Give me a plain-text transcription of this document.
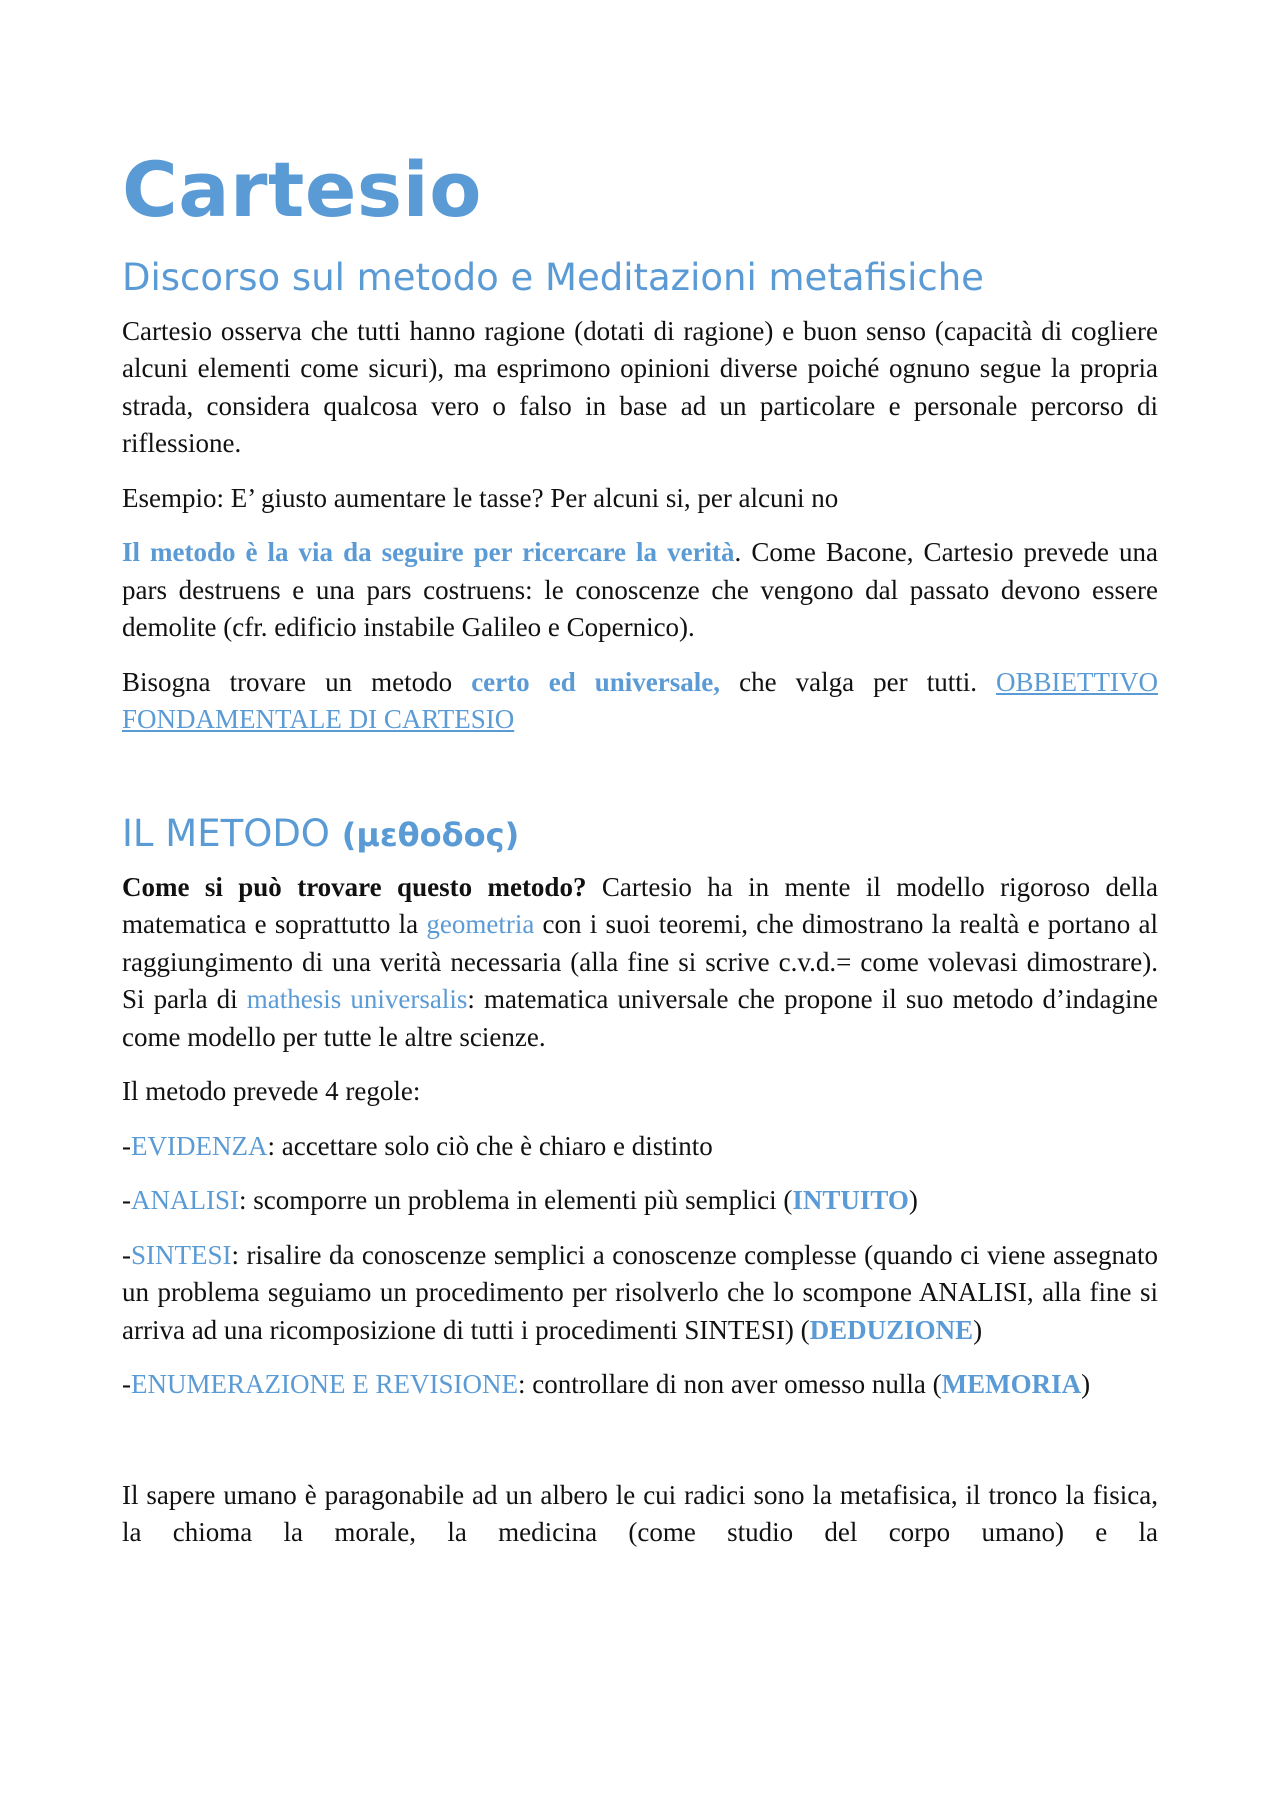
Cartesio
Discorso sul metodo e Meditazioni metafisiche

Cartesio osserva che tutti hanno ragione (dotati di ragione) e buon senso (capacità di cogliere alcuni elementi come sicuri), ma esprimono opinioni diverse poiché ognuno segue la propria strada, considera qualcosa vero o falso in base ad un particolare e personale percorso di riflessione.

Esempio: E’ giusto aumentare le tasse? Per alcuni si, per alcuni no

Il metodo è la via da seguire per ricercare la verità. Come Bacone, Cartesio prevede una pars destruens e una pars costruens: le conoscenze che vengono dal passato devono essere demolite (cfr. edificio instabile Galileo e Copernico).

Bisogna trovare un metodo certo ed universale, che valga per tutti. OBBIETTIVO FONDAMENTALE DI CARTESIO

IL METODO (μεθοδος)

Come si può trovare questo metodo? Cartesio ha in mente il modello rigoroso della matematica e soprattutto la geometria con i suoi teoremi, che dimostrano la realtà e portano al raggiungimento di una verità necessaria (alla fine si scrive c.v.d.= come volevasi dimostrare). Si parla di mathesis universalis: matematica universale che propone il suo metodo d’indagine come modello per tutte le altre scienze.

Il metodo prevede 4 regole:

-EVIDENZA: accettare solo ciò che è chiaro e distinto

-ANALISI: scomporre un problema in elementi più semplici (INTUITO)

-SINTESI: risalire da conoscenze semplici a conoscenze complesse (quando ci viene assegnato un problema seguiamo un procedimento per risolverlo che lo scompone ANALISI, alla fine si arriva ad una ricomposizione di tutti i procedimenti SINTESI) (DEDUZIONE)

-ENUMERAZIONE E REVISIONE: controllare di non aver omesso nulla (MEMORIA)

Il sapere umano è paragonabile ad un albero le cui radici sono la metafisica, il tronco la fisica, la chioma la morale, la medicina (come studio del corpo umano) e la
